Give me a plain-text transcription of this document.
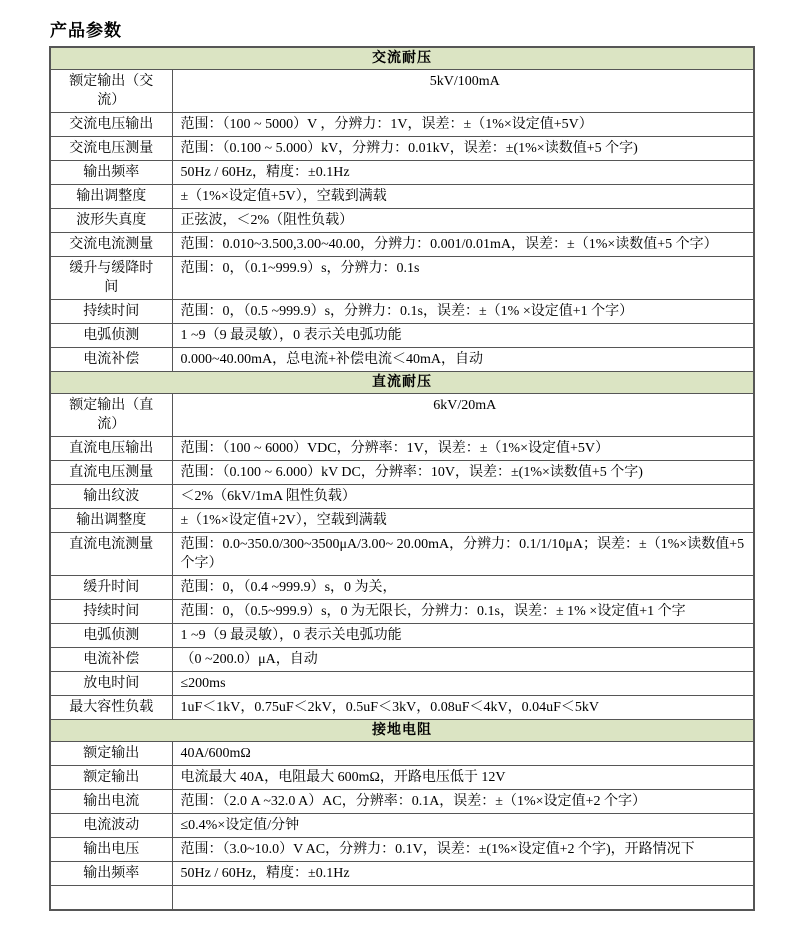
产品参数
交流耐压	
额定输出（交流）	5kV/100mA
交流电压输出	范围：（100 ~ 5000）V ，分辨力：1V，误差：±（1%×设定值+5V）
交流电压测量	范围：（0.100 ~ 5.000）kV，分辨力：0.01kV，误差：±(1%×读数值+5 个字)
输出频率	50Hz / 60Hz，精度：±0.1Hz
输出调整度	±（1%×设定值+5V），空载到满载
波形失真度	正弦波，＜2%（阻性负载）
交流电流测量	范围：0.010~3.500,3.00~40.00，分辨力：0.001/0.01mA，误差：±（1%×读数值+5 个字）
缓升与缓降时间	范围：0，（0.1~999.9）s，分辨力：0.1s
持续时间	范围：0，（0.5 ~999.9）s，分辨力：0.1s，误差：±（1% ×设定值+1 个字）
电弧侦测	1 ~9（9 最灵敏），0 表示关电弧功能
电流补偿	0.000~40.00mA，总电流+补偿电流＜40mA，自动
直流耐压	
额定输出（直流）	6kV/20mA
直流电压输出	范围：（100 ~ 6000）VDC，分辨率：1V，误差：±（1%×设定值+5V）
直流电压测量	范围：（0.100 ~ 6.000）kV DC，分辨率：10V，误差：±(1%×读数值+5 个字)
输出纹波	＜2%（6kV/1mA 阻性负载）
输出调整度	±（1%×设定值+2V），空载到满载
直流电流测量	范围：0.0~350.0/300~3500μA/3.00~ 20.00mA，分辨力：0.1/1/10μA；误差：±（1%×读数值+5 个字）
缓升时间	范围：0，（0.4 ~999.9）s，0 为关，
持续时间	范围：0，（0.5~999.9）s，0 为无限长，分辨力：0.1s，误差：± 1% ×设定值+1 个字
电弧侦测	1 ~9（9 最灵敏），0 表示关电弧功能
电流补偿	（0 ~200.0）μA，自动
放电时间	≤200ms
最大容性负载	1uF＜1kV，0.75uF＜2kV，0.5uF＜3kV，0.08uF＜4kV，0.04uF＜5kV
接地电阻	
额定输出	40A/600mΩ
额定输出	电流最大 40A，电阻最大 600mΩ，开路电压低于 12V
输出电流	范围：（2.0 A ~32.0 A）AC，分辨率：0.1A，误差：±（1%×设定值+2 个字）
电流波动	≤0.4%×设定值/分钟
输出电压	范围：（3.0~10.0）V AC，分辨力：0.1V，误差：±(1%×设定值+2 个字)，开路情况下
输出频率	50Hz / 60Hz，精度：±0.1Hz
